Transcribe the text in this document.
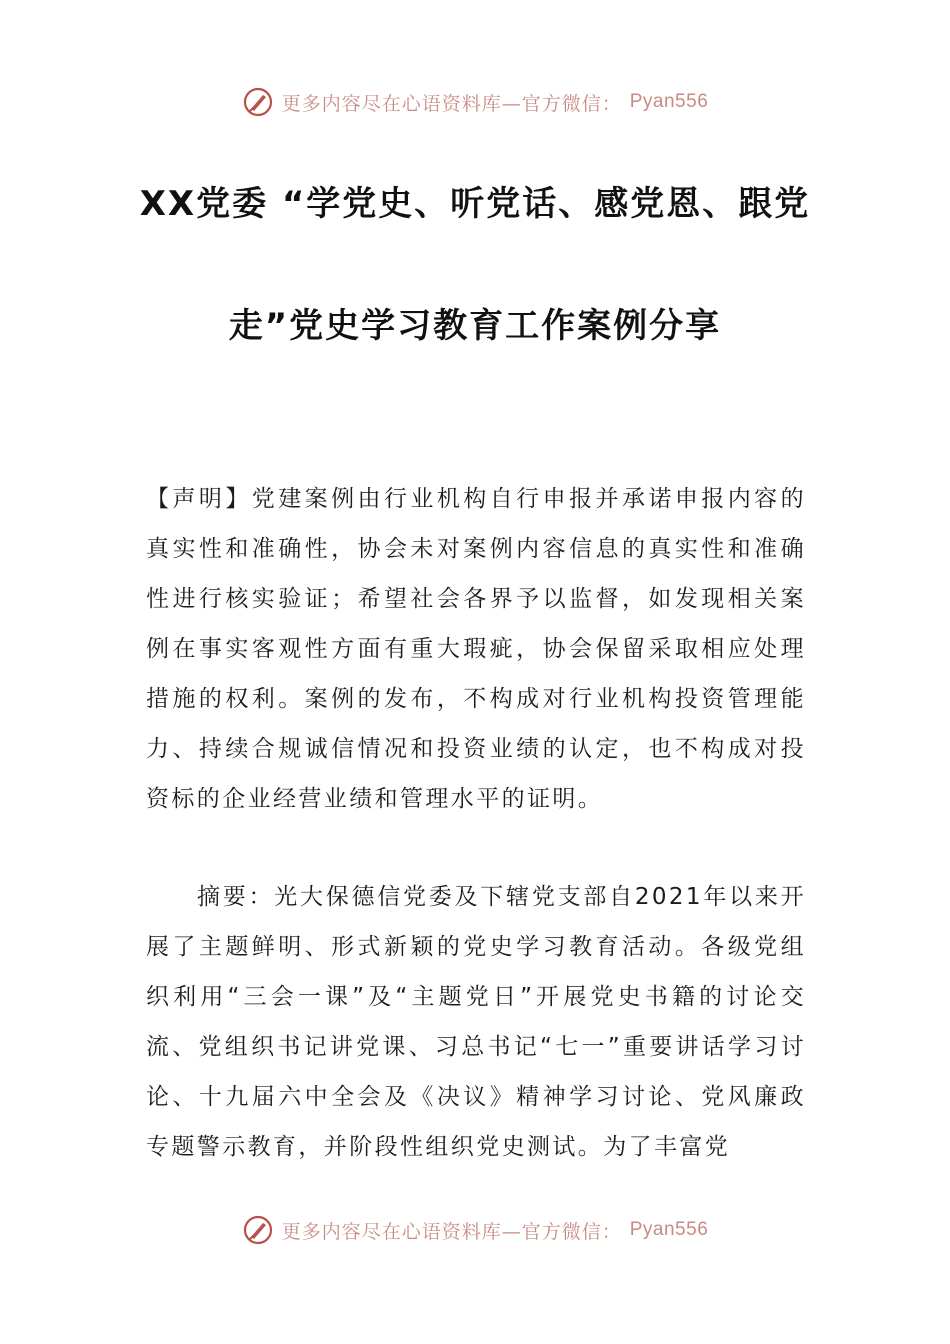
更多内容尽在心语资料库—官方微信： Pyan556
XX党委 “学党史、听党话、感党恩、跟党
走”党史学习教育工作案例分享

【声明】党建案例由行业机构自行申报并承诺申报内容的真实性和准确性，协会未对案例内容信息的真实性和准确性进行核实验证；希望社会各界予以监督，如发现相关案例在事实客观性方面有重大瑕疵，协会保留采取相应处理措施的权利。案例的发布，不构成对行业机构投资管理能力、持续合规诚信情况和投资业绩的认定，也不构成对投资标的企业经营业绩和管理水平的证明。

摘要：光大保德信党委及下辖党支部自2021年以来开展了主题鲜明、形式新颖的党史学习教育活动。各级党组织利用“三会一课”及“主题党日”开展党史书籍的讨论交流、党组织书记讲党课、习总书记“七一”重要讲话学习讨论、十九届六中全会及《决议》精神学习讨论、党风廉政专题警示教育，并阶段性组织党史测试。为了丰富党

更多内容尽在心语资料库—官方微信： Pyan556
